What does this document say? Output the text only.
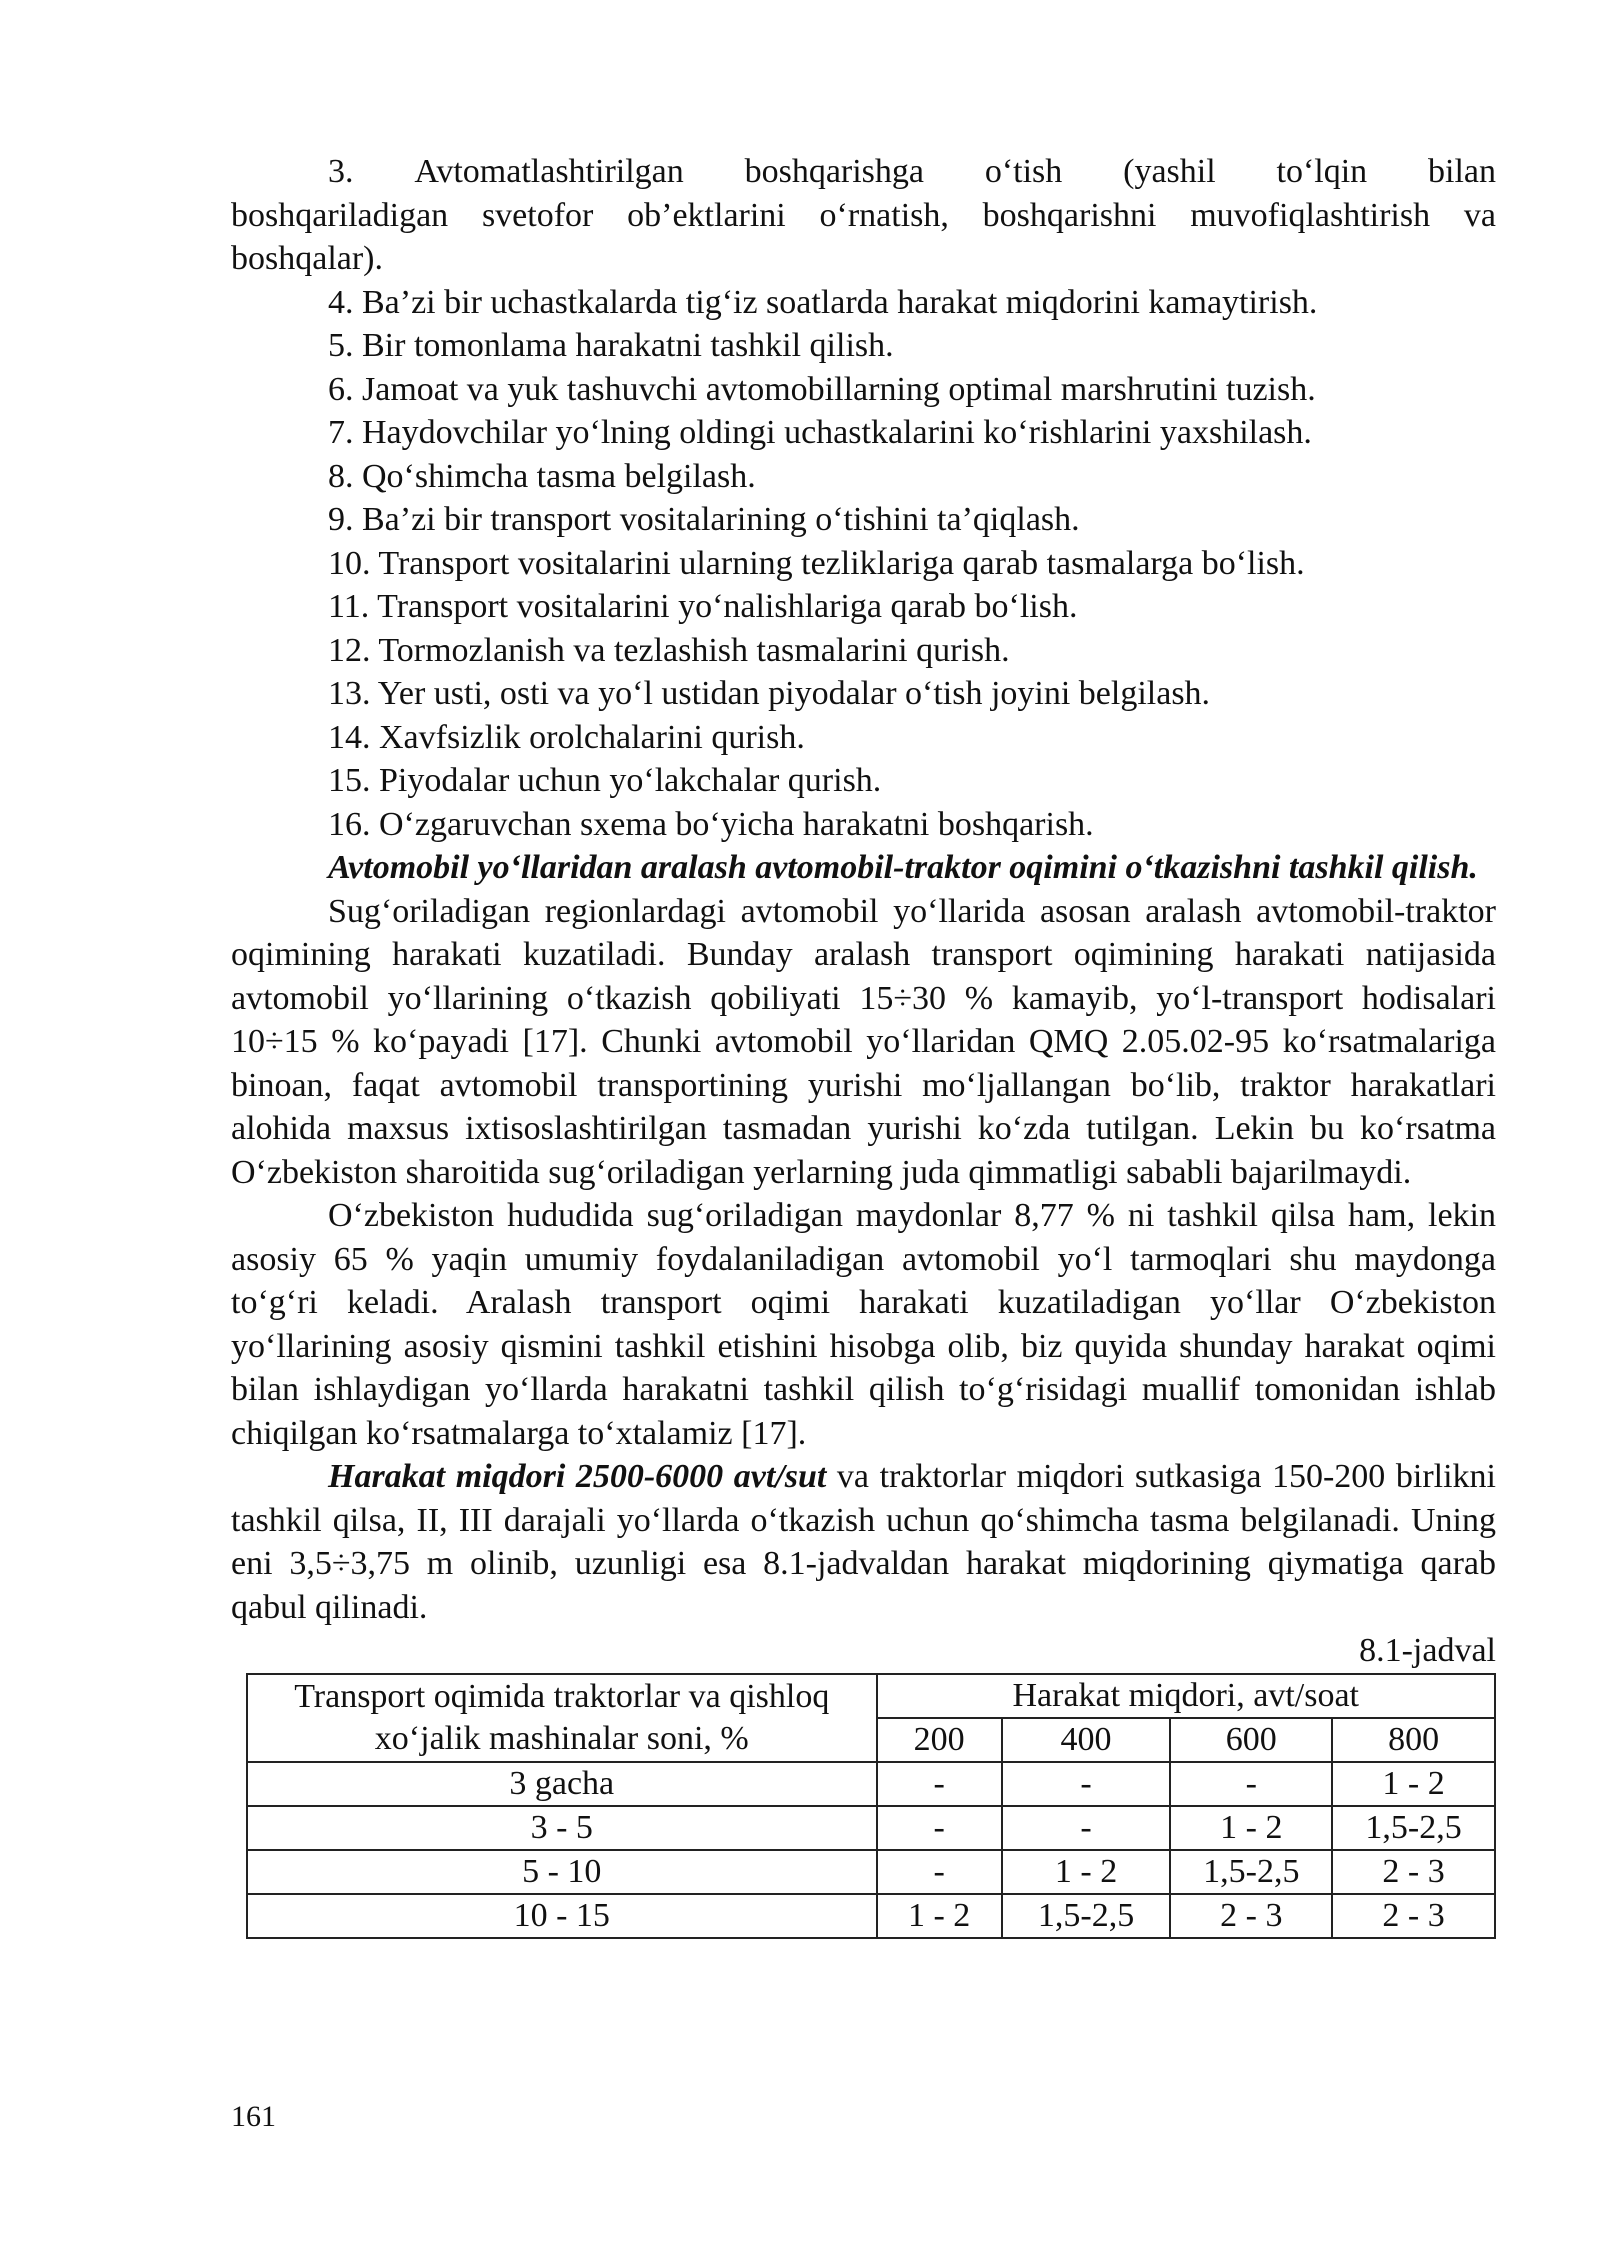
3. Avtomatlashtirilgan boshqarishga o‘tish (yashil to‘lqin bilan

boshqariladigan svetofor ob’ektlarini o‘rnatish, boshqarishni muvofiqlashtirish va boshqalar).

4. Ba’zi bir uchastkalarda tig‘iz soatlarda harakat miqdorini kamaytirish.

5. Bir tomonlama harakatni tashkil qilish.

6. Jamoat va yuk tashuvchi avtomobillarning optimal marshrutini tuzish.

7. Haydovchilar yo‘lning oldingi uchastkalarini ko‘rishlarini yaxshilash.

8. Qo‘shimcha tasma belgilash.

9. Ba’zi bir transport vositalarining o‘tishini ta’qiqlash.

10. Transport vositalarini ularning tezliklariga qarab tasmalarga bo‘lish.

11. Transport vositalarini yo‘nalishlariga qarab bo‘lish.

12. Tormozlanish va tezlashish tasmalarini qurish.

13. Yer usti, osti va yo‘l ustidan piyodalar o‘tish joyini belgilash.

14. Xavfsizlik orolchalarini qurish.

15. Piyodalar uchun yo‘lakchalar qurish.

16. O‘zgaruvchan sxema bo‘yicha harakatni boshqarish.

Avtomobil yo‘llaridan aralash avtomobil-traktor oqimini o‘tkazishni tashkil qilish.

Sug‘oriladigan regionlardagi avtomobil yo‘llarida asosan aralash avtomobil-traktor oqimining harakati kuzatiladi. Bunday aralash transport oqimining harakati natijasida avtomobil yo‘llarining o‘tkazish qobiliyati 15÷30 % kamayib, yo‘l-transport hodisalari 10÷15 % ko‘payadi [17]. Chunki avtomobil yo‘llaridan QMQ 2.05.02-95 ko‘rsatmalariga binoan, faqat avtomobil transportining yurishi mo‘ljallangan bo‘lib, traktor harakatlari alohida maxsus ixtisoslashtirilgan tasmadan yurishi ko‘zda tutilgan. Lekin bu ko‘rsatma O‘zbekiston sharoitida sug‘oriladigan yerlarning juda qimmatligi sababli bajarilmaydi.

O‘zbekiston hududida sug‘oriladigan maydonlar 8,77 % ni tashkil qilsa ham, lekin asosiy 65 % yaqin umumiy foydalaniladigan avtomobil yo‘l tarmoqlari shu maydonga to‘g‘ri keladi. Aralash transport oqimi harakati kuzatiladigan yo‘llar O‘zbekiston yo‘llarining asosiy qismini tashkil etishini hisobga olib, biz quyida shunday harakat oqimi bilan ishlaydigan yo‘llarda harakatni tashkil qilish to‘g‘risidagi muallif tomonidan ishlab chiqilgan ko‘rsatmalarga to‘xtalamiz [17].

Harakat miqdori 2500-6000 avt/sut va traktorlar miqdori sutkasiga 150-200 birlikni tashkil qilsa, II, III darajali yo‘llarda o‘tkazish uchun qo‘shimcha tasma belgilanadi. Uning eni 3,5÷3,75 m olinib, uzunligi esa 8.1-jadvaldan harakat miqdorining qiymatiga qarab qabul qilinadi.

8.1-jadval

Transport oqimida traktorlar va qishloq xo‘jalik mashinalar soni, %	Harakat miqdori, avt/soat			
	200	400	600	800
3 gacha	-	-	-	1 - 2
3 - 5	-	-	1 - 2	1,5-2,5
5 - 10	-	1 - 2	1,5-2,5	2 - 3
10 - 15	1 - 2	1,5-2,5	2 - 3	2 - 3
161
